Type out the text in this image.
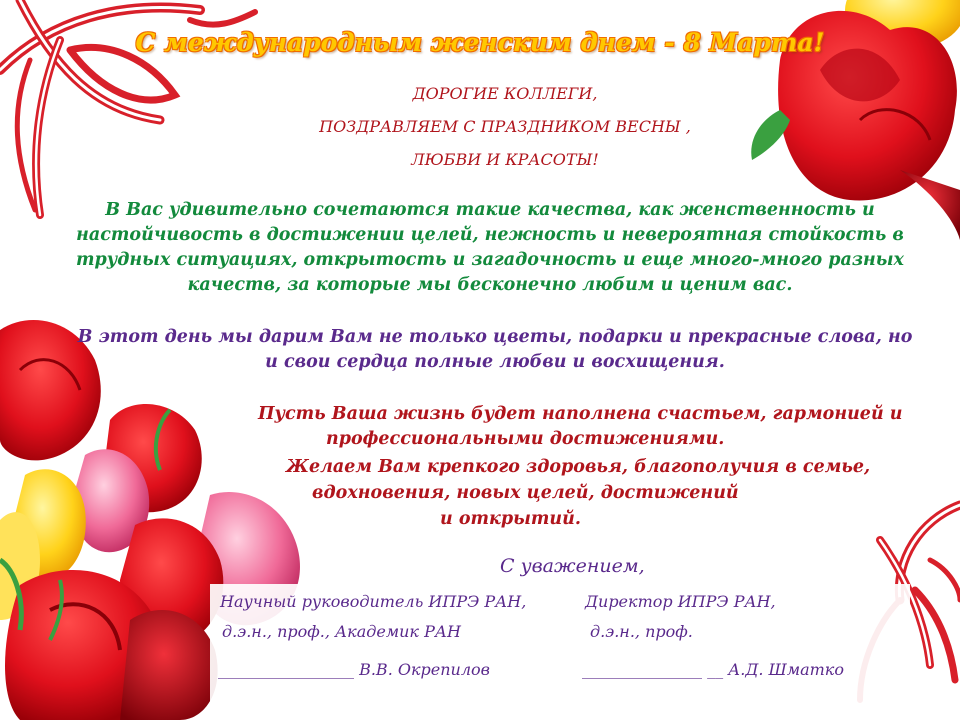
С международным женским днем - 8 Марта!
ДОРОГИЕ КОЛЛЕГИ,
ПОЗДРАВЛЯЕМ С ПРАЗДНИКОМ ВЕСНЫ ,
ЛЮБВИ И КРАСОТЫ!
В Вас удивительно сочетаются такие качества, как женственность и
настойчивость в достижении целей, нежность и невероятная стойкость в
трудных ситуациях, открытость и загадочность и еще много-много разных
качеств, за которые мы бесконечно любим и ценим вас.
В этот день мы дарим Вам не только цветы, подарки и прекрасные слова, но
и свои сердца полные любви и восхищения.
Пусть Ваша жизнь будет наполнена счастьем, гармонией и
профессиональными достижениями.
Желаем Вам крепкого здоровья, благополучия в семье,
вдохновения, новых целей, достижений
и открытий.
С уважением,
Научный руководитель ИПРЭ РАН,
д.э.н., проф., Академик РАН
_________________ В.В. Окрепилов
Директор ИПРЭ РАН,
д.э.н., проф.
_______________ __ А.Д. Шматко
